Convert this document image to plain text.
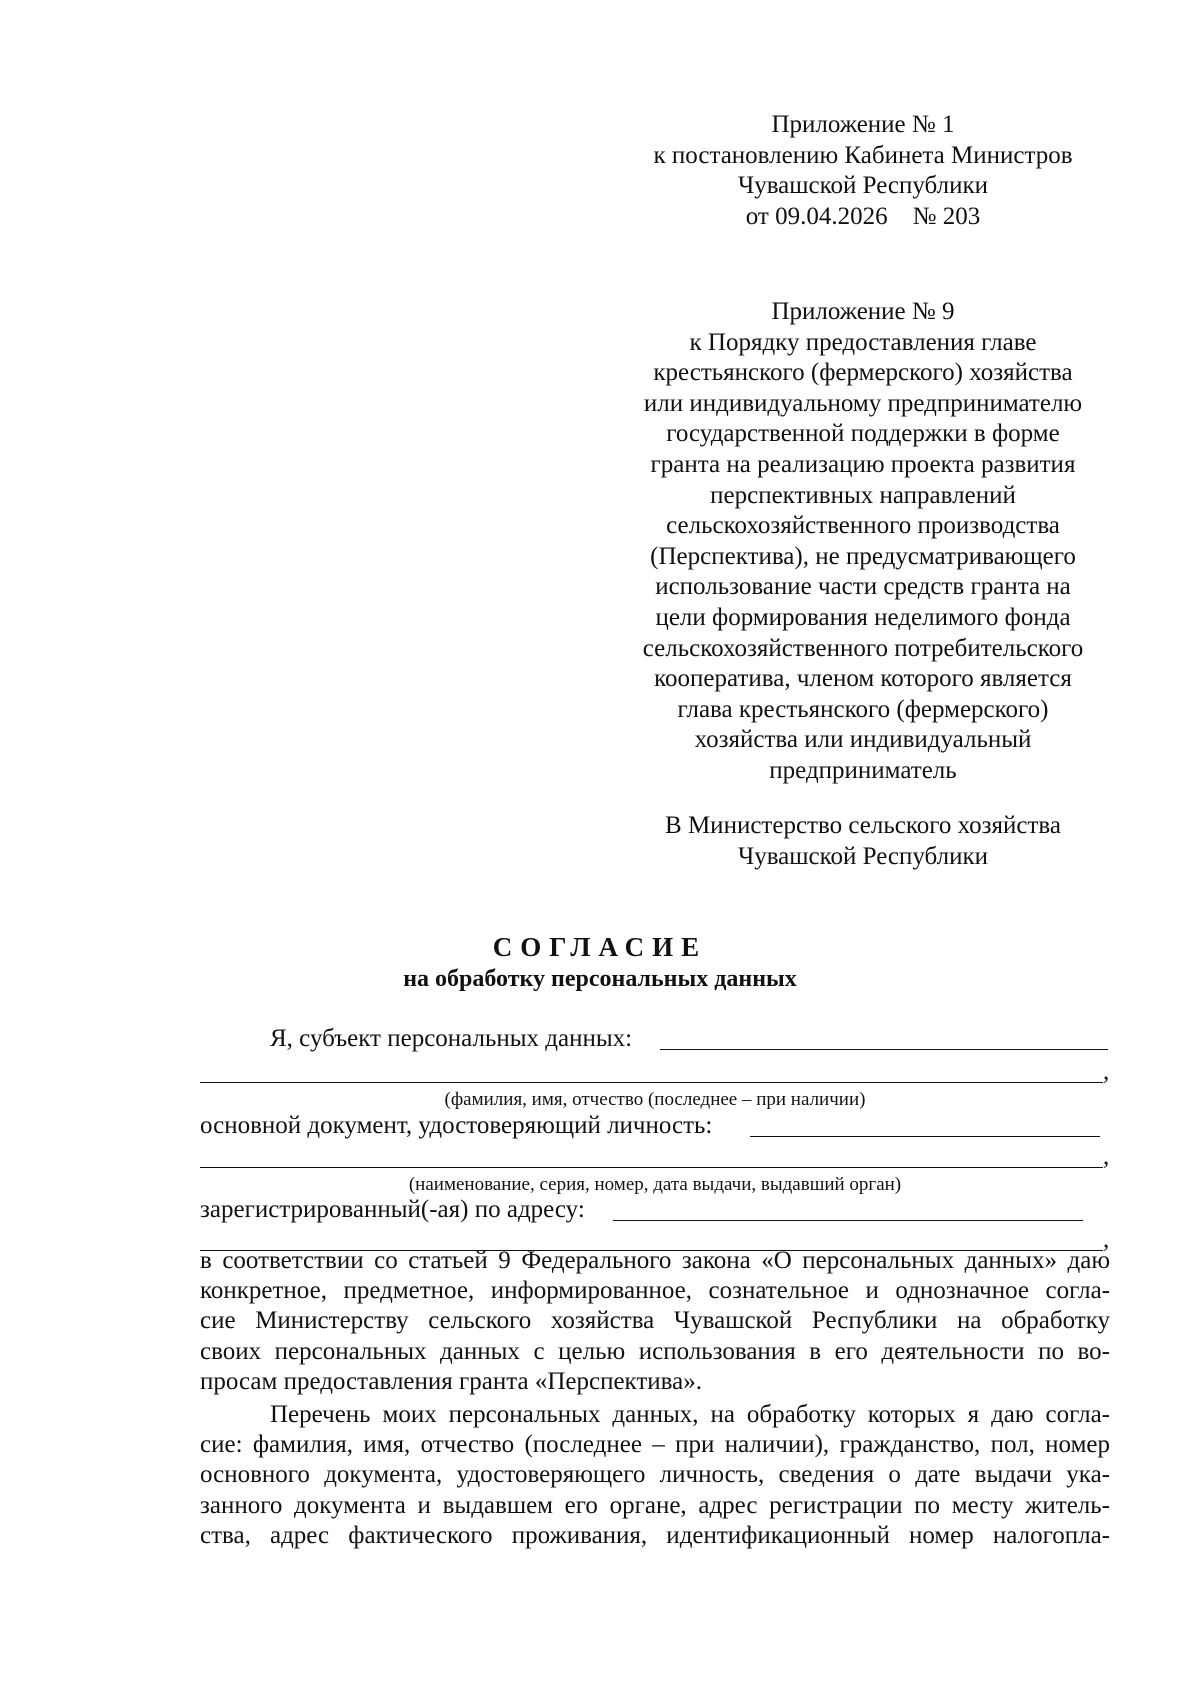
Приложение № 1
к постановлению Кабинета Министров
Чувашской Республики
от 09.04.2026    № 203
Приложение № 9
к Порядку предоставления главе
крестьянского (фермерского) хозяйства
или индивидуальному предпринимателю
государственной поддержки в форме
гранта на реализацию проекта развития
перспективных направлений
сельскохозяйственного производства
(Перспектива), не предусматривающего
использование части средств гранта на
цели формирования неделимого фонда
сельскохозяйственного потребительского
кооператива, членом которого является
глава крестьянского (фермерского)
хозяйства или индивидуальный
предприниматель
В Министерство сельского хозяйства
Чувашской Республики
СОГЛАСИЕ
на обработку персональных данных
Я, субъект персональных данных:
,
(фамилия, имя, отчество (последнее – при наличии)
основной документ, удостоверяющий личность:
,
(наименование, серия, номер, дата выдачи, выдавший орган)
зарегистрированный(-ая) по адресу:
,
в соответствии со статьей 9 Федерального закона «О персональных данных» даю
конкретное, предметное, информированное, сознательное и однозначное согла-
сие Министерству сельского хозяйства Чувашской Республики на обработку
своих персональных данных с целью использования в его деятельности по во-
просам предоставления гранта «Перспектива».
Перечень моих персональных данных, на обработку которых я даю согла-
сие: фамилия, имя, отчество (последнее – при наличии), гражданство, пол, номер
основного документа, удостоверяющего личность, сведения о дате выдачи ука-
занного документа и выдавшем его органе, адрес регистрации по месту житель-
ства, адрес фактического проживания, идентификационный номер налогопла-
